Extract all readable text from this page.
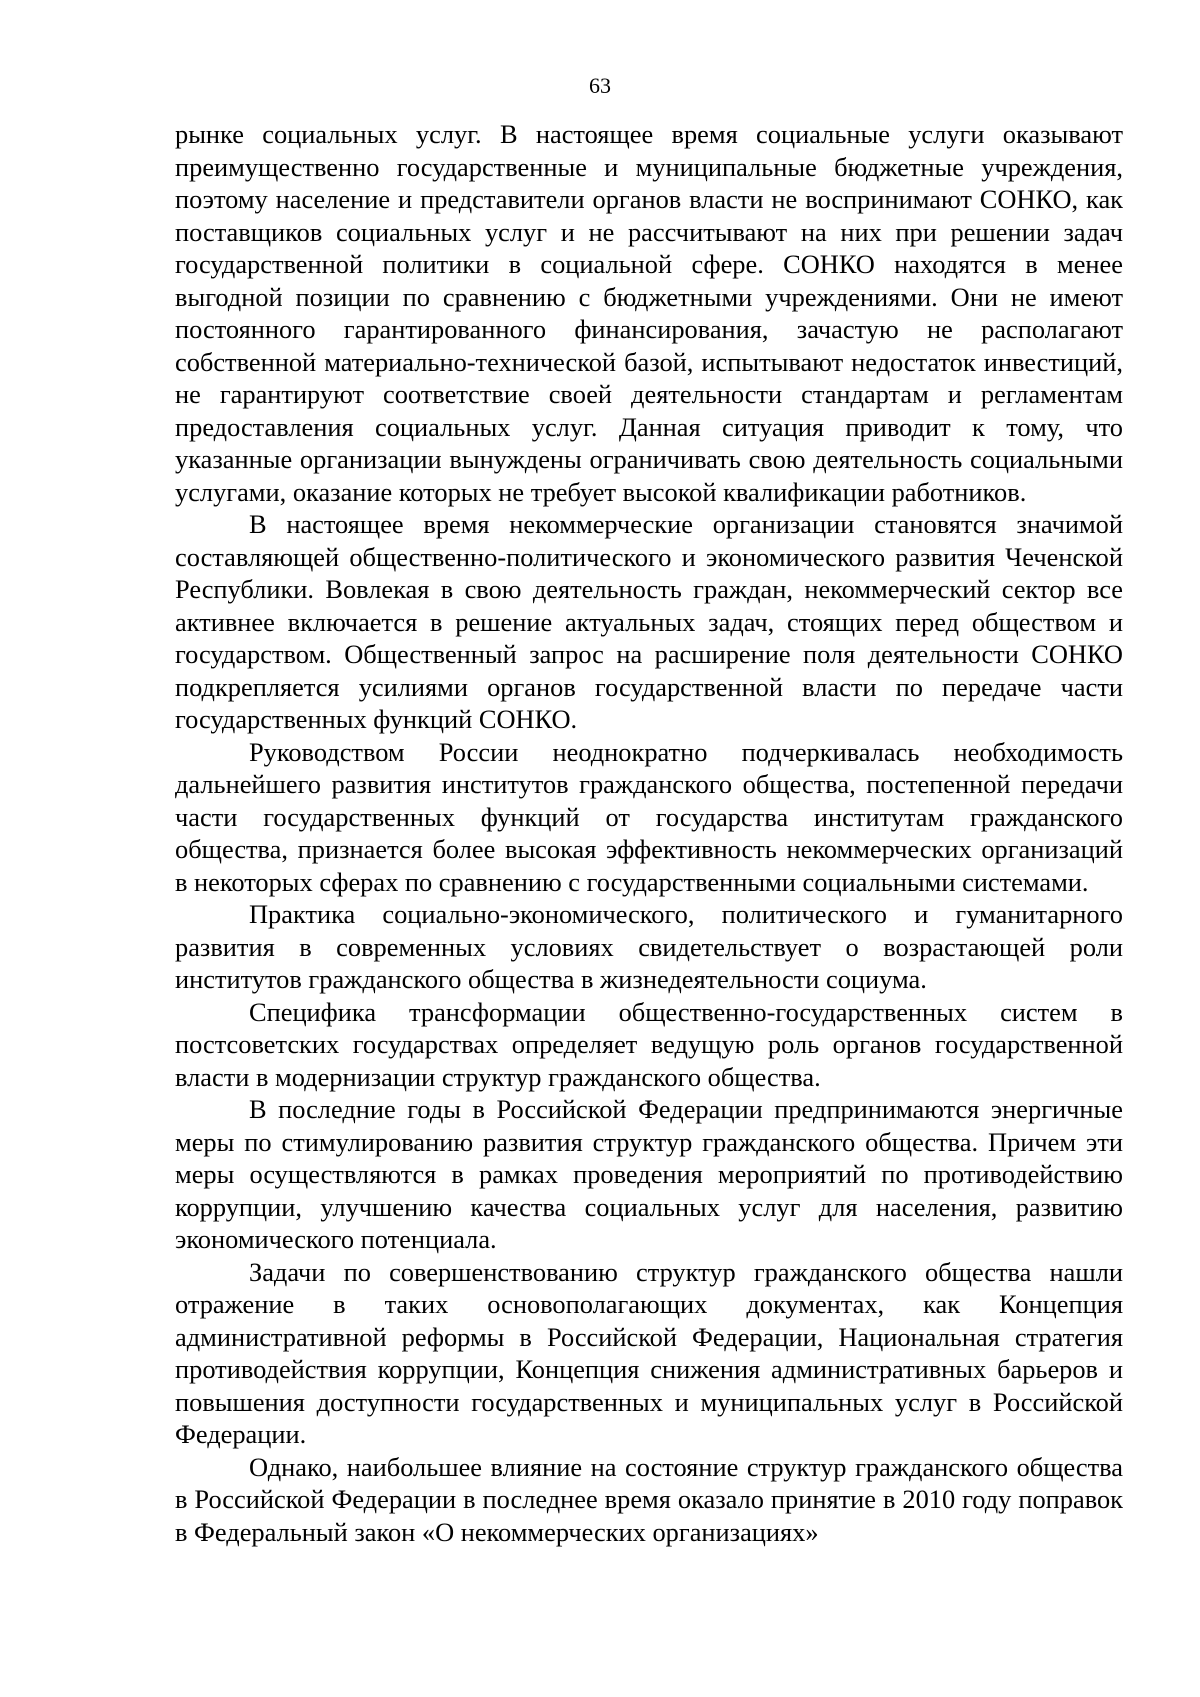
63

рынке социальных услуг. В настоящее время социальные услуги оказывают преимущественно государственные и муниципальные бюджетные учреждения, поэтому население и представители органов власти не воспринимают СОНКО, как поставщиков социальных услуг и не рассчитывают на них при решении задач государственной политики в социальной сфере. СОНКО находятся в менее выгодной позиции по сравнению с бюджетными учреждениями. Они не имеют постоянного гарантированного финансирования, зачастую не располагают собственной материально-технической базой, испытывают недостаток инвестиций, не гарантируют соответствие своей деятельности стандартам и регламентам предоставления социальных услуг. Данная ситуация приводит к тому, что указанные организации вынуждены ограничивать свою деятельность социальными услугами, оказание которых не требует высокой квалификации работников.

В настоящее время некоммерческие организации становятся значимой составляющей общественно-политического и экономического развития Чеченской Республики. Вовлекая в свою деятельность граждан, некоммерческий сектор все активнее включается в решение актуальных задач, стоящих перед обществом и государством. Общественный запрос на расширение поля деятельности СОНКО подкрепляется усилиями органов государственной власти по передаче части государственных функций СОНКО.

Руководством России неоднократно подчеркивалась необходимость дальнейшего развития институтов гражданского общества, постепенной передачи части государственных функций от государства институтам гражданского общества, признается более высокая эффективность некоммерческих организаций в некоторых сферах по сравнению с государственными социальными системами.

Практика социально-экономического, политического и гуманитарного развития в современных условиях свидетельствует о возрастающей роли институтов гражданского общества в жизнедеятельности социума.

Специфика трансформации общественно-государственных систем в постсоветских государствах определяет ведущую роль органов государственной власти в модернизации структур гражданского общества.

В последние годы в Российской Федерации предпринимаются энергичные меры по стимулированию развития структур гражданского общества. Причем эти меры осуществляются в рамках проведения мероприятий по противодействию коррупции, улучшению качества социальных услуг для населения, развитию экономического потенциала.

Задачи по совершенствованию структур гражданского общества нашли отражение в таких основополагающих документах, как Концепция административной реформы в Российской Федерации, Национальная стратегия противодействия коррупции, Концепция снижения административных барьеров и повышения доступности государственных и муниципальных услуг в Российской Федерации.

Однако, наибольшее влияние на состояние структур гражданского общества в Российской Федерации в последнее время оказало принятие в 2010 году поправок в Федеральный закон «О некоммерческих организациях»
